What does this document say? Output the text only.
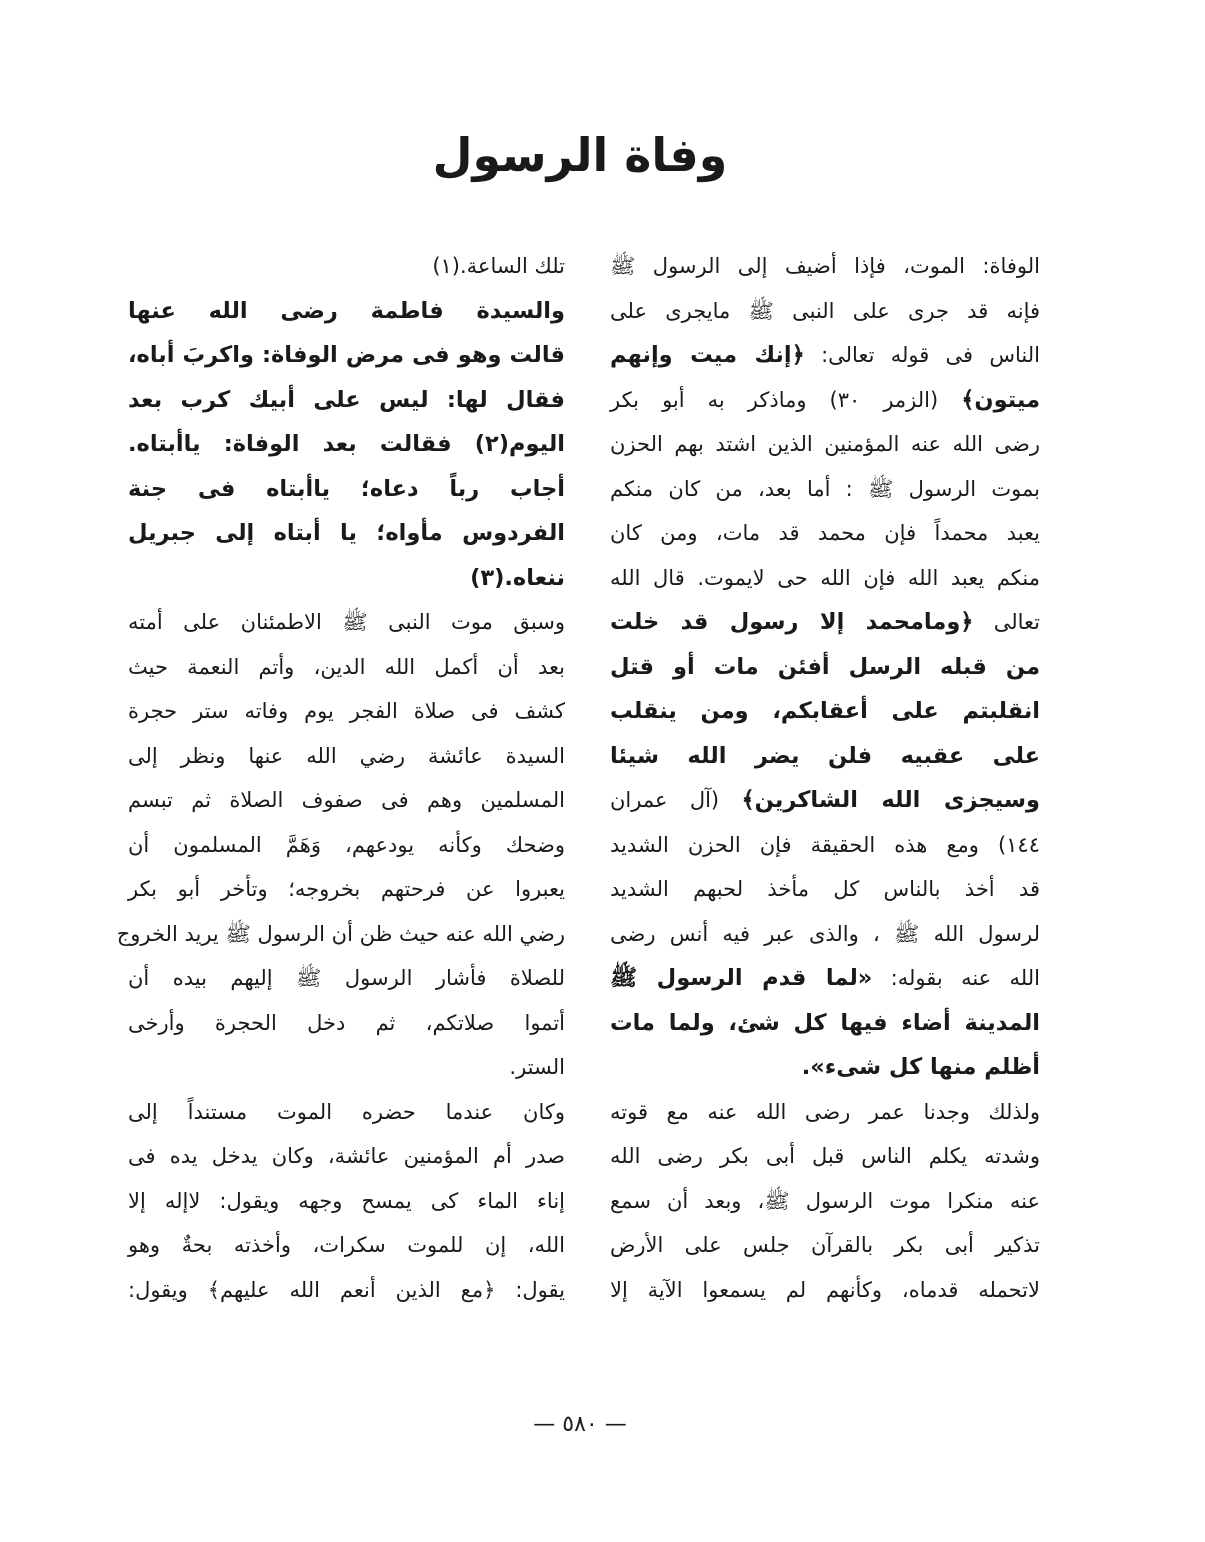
وفاة الرسول
الوفاة: الموت، فإذا أضيف إلى الرسول ﷺ
فإنه قد جرى على النبى ﷺ مايجرى على
الناس فى قوله تعالى: ﴿إنك ميت وإنهم
ميتون﴾ (الزمر ٣٠) وماذكر به أبو بكر
رضى الله عنه المؤمنين الذين اشتد بهم الحزن
بموت الرسول ﷺ : أما بعد، من كان منكم
يعبد محمداً فإن محمد قد مات، ومن كان
منكم يعبد الله فإن الله حى لايموت. قال الله
تعالى ﴿ومامحمد إلا رسول قد خلت
من قبله الرسل أفئن مات أو قتل
انقلبتم على أعقابكم، ومن ينقلب
على عقبيه فلن يضر الله شيئا
وسيجزى الله الشاكرين﴾ (آل عمران
١٤٤) ومع هذه الحقيقة فإن الحزن الشديد
قد أخذ بالناس كل مأخذ لحبهم الشديد
لرسول الله ﷺ ، والذى عبر فيه أنس رضى
الله عنه بقوله: «لما قدم الرسول ﷺ
المدينة أضاء فيها كل شئ، ولما مات
أظلم منها كل شىء».
ولذلك وجدنا عمر رضى الله عنه مع قوته
وشدته يكلم الناس قبل أبى بكر رضى الله
عنه منكرا موت الرسول ﷺ، وبعد أن سمع
تذكير أبى بكر بالقرآن جلس على الأرض
لاتحمله قدماه، وكأنهم لم يسمعوا الآية إلا
تلك الساعة.(١)
والسيدة فاطمة رضى الله عنها
قالت وهو فى مرض الوفاة: واكربَ أباه،
فقال لها: ليس على أبيك كرب بعد
اليوم(٢) فقالت بعد الوفاة: ياأبتاه.
أجاب رباً دعاه؛ ياأبتاه فى جنة
الفردوس مأواه؛ يا أبتاه إلى جبريل
ننعاه.(٣)
وسبق موت النبى ﷺ الاطمئنان على أمته
بعد أن أكمل الله الدين، وأتم النعمة حيث
كشف فى صلاة الفجر يوم وفاته ستر حجرة
السيدة عائشة رضي الله عنها ونظر إلى
المسلمين وهم فى صفوف الصلاة ثم تبسم
وضحك وكأنه يودعهم، وَهَمَّ المسلمون أن
يعبروا عن فرحتهم بخروجه؛ وتأخر أبو بكر
رضي الله عنه حيث ظن أن الرسول ﷺ يريد الخروج
للصلاة فأشار الرسول ﷺ إليهم بيده أن
أتموا صلاتكم، ثم دخل الحجرة وأرخى
الستر.
وكان عندما حضره الموت مستنداً إلى
صدر أم المؤمنين عائشة، وكان يدخل يده فى
إناء الماء كى يمسح وجهه ويقول: لاإله إلا
الله، إن للموت سكرات، وأخذته بحةٌ وهو
يقول: ﴿مع الذين أنعم الله عليهم﴾ ويقول:
— ٥٨٠ —
